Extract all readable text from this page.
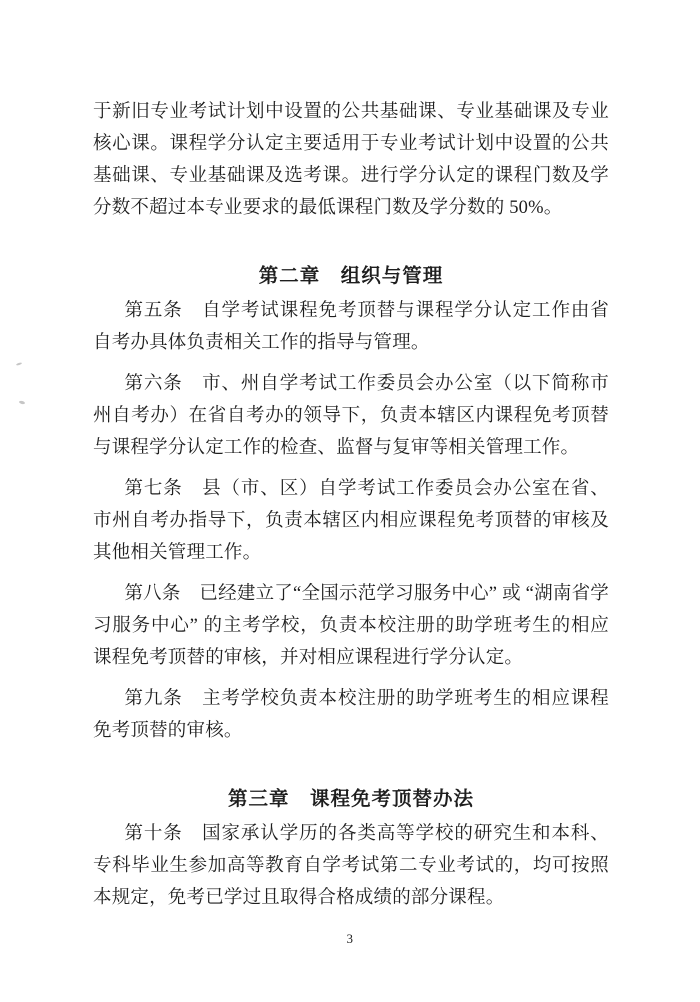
于新旧专业考试计划中设置的公共基础课、专业基础课及专业核心课。课程学分认定主要适用于专业考试计划中设置的公共基础课、专业基础课及选考课。进行学分认定的课程门数及学分数不超过本专业要求的最低课程门数及学分数的 50%。

第二章　组织与管理

第五条　自学考试课程免考顶替与课程学分认定工作由省自考办具体负责相关工作的指导与管理。

第六条　市、州自学考试工作委员会办公室（以下简称市州自考办）在省自考办的领导下，负责本辖区内课程免考顶替与课程学分认定工作的检查、监督与复审等相关管理工作。

第七条　县（市、区）自学考试工作委员会办公室在省、市州自考办指导下，负责本辖区内相应课程免考顶替的审核及其他相关管理工作。

第八条　已经建立了“全国示范学习服务中心” 或 “湖南省学习服务中心” 的主考学校，负责本校注册的助学班考生的相应课程免考顶替的审核，并对相应课程进行学分认定。

第九条　主考学校负责本校注册的助学班考生的相应课程免考顶替的审核。

第三章　课程免考顶替办法

第十条　国家承认学历的各类高等学校的研究生和本科、专科毕业生参加高等教育自学考试第二专业考试的，均可按照本规定，免考已学过且取得合格成绩的部分课程。

3
